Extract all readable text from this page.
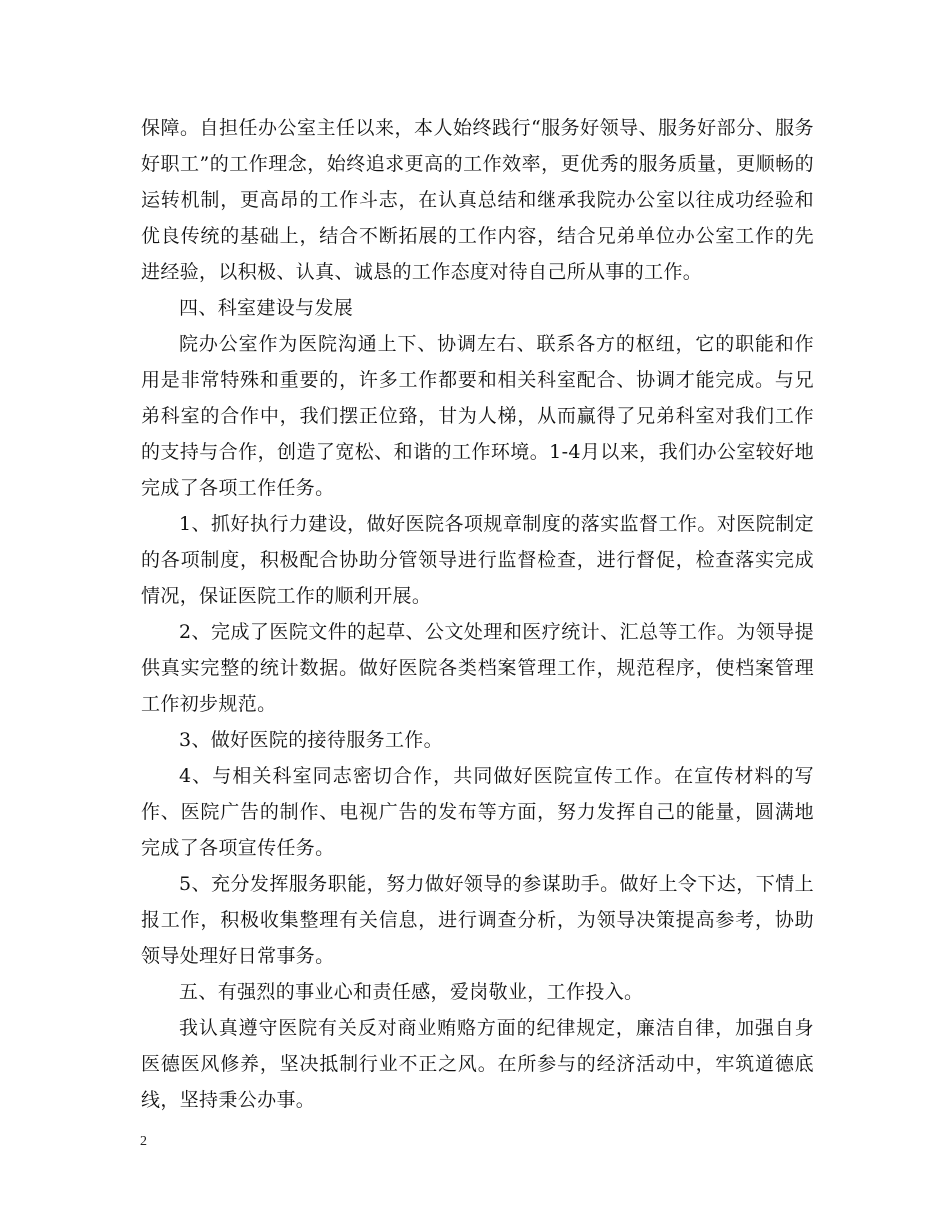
保障。自担任办公室主任以来，本人始终践行“服务好领导、服务好部分、服务好职工”的工作理念，始终追求更高的工作效率，更优秀的服务质量，更顺畅的运转机制，更高昂的工作斗志，在认真总结和继承我院办公室以往成功经验和优良传统的基础上，结合不断拓展的工作内容，结合兄弟单位办公室工作的先进经验，以积极、认真、诚恳的工作态度对待自己所从事的工作。

四、科室建设与发展

院办公室作为医院沟通上下、协调左右、联系各方的枢纽，它的职能和作用是非常特殊和重要的，许多工作都要和相关科室配合、协调才能完成。与兄弟科室的合作中，我们摆正位臵，甘为人梯，从而赢得了兄弟科室对我们工作的支持与合作，创造了宽松、和谐的工作环境。1-4月以来，我们办公室较好地完成了各项工作任务。

1、抓好执行力建设，做好医院各项规章制度的落实监督工作。对医院制定的各项制度，积极配合协助分管领导进行监督检查，进行督促，检查落实完成情况，保证医院工作的顺利开展。

2、完成了医院文件的起草、公文处理和医疗统计、汇总等工作。为领导提供真实完整的统计数据。做好医院各类档案管理工作，规范程序，使档案管理工作初步规范。

3、做好医院的接待服务工作。

4、与相关科室同志密切合作，共同做好医院宣传工作。在宣传材料的写作、医院广告的制作、电视广告的发布等方面，努力发挥自己的能量，圆满地完成了各项宣传任务。

5、充分发挥服务职能，努力做好领导的参谋助手。做好上令下达，下情上报工作，积极收集整理有关信息，进行调查分析，为领导决策提高参考，协助领导处理好日常事务。

五、有强烈的事业心和责任感，爱岗敬业，工作投入。

我认真遵守医院有关反对商业贿赂方面的纪律规定，廉洁自律，加强自身医德医风修养，坚决抵制行业不正之风。在所参与的经济活动中，牢筑道德底线，坚持秉公办事。

2
